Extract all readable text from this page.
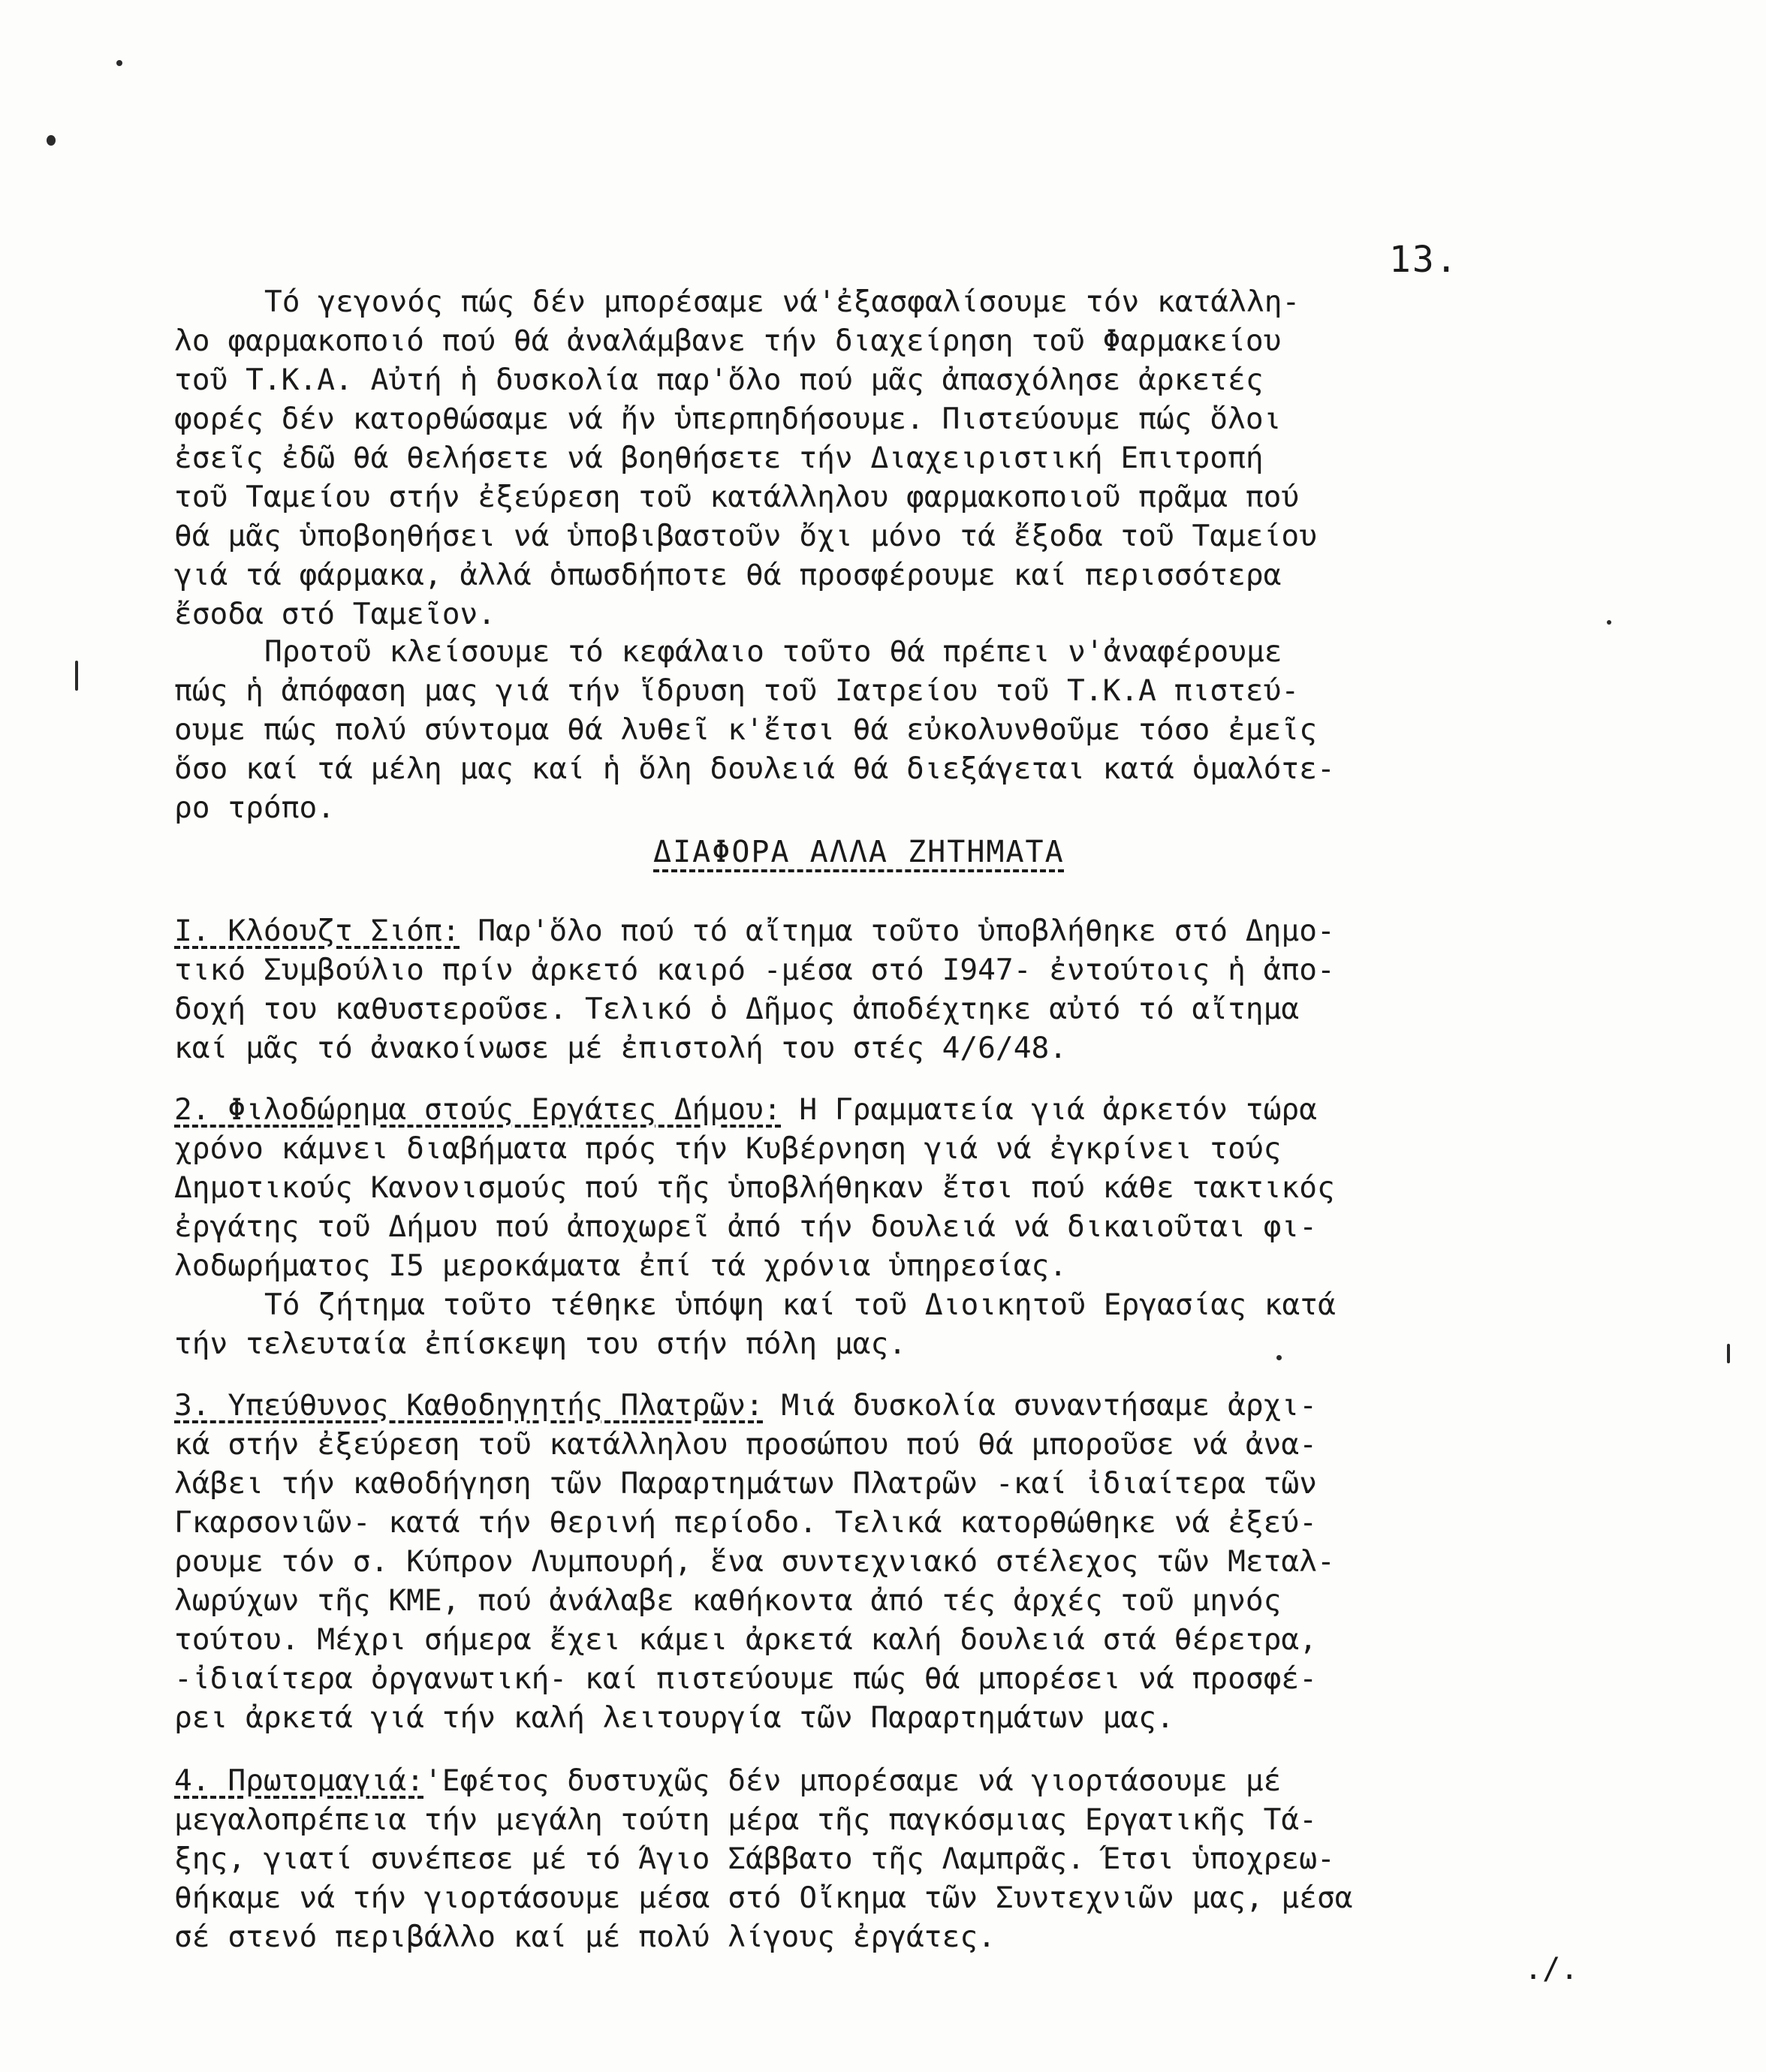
13.
Τό γεγονός πώς δέν μπορέσαμε νά'ἐξασφαλίσουμε τόν κατάλλη-
λο φαρμακοποιό πού θά ἀναλάμβανε τήν διαχείρηση τοῦ Φαρμακείου
τοῦ Τ.Κ.Α. Αὐτή ἡ δυσκολία παρ'ὅλο πού μᾶς ἀπασχόλησε ἀρκετές
φορές δέν κατορθώσαμε νά ἤν ὑπερπηδήσουμε. Πιστεύουμε πώς ὅλοι
ἐσεῖς ἐδῶ θά θελήσετε νά βοηθήσετε τήν Διαχειριστική Επιτροπή
τοῦ Ταμείου στήν ἐξεύρεση τοῦ κατάλληλου φαρμακοποιοῦ πρᾶμα πού
θά μᾶς ὑποβοηθήσει νά ὑποβιβαστοῦν ὄχι μόνο τά ἔξοδα τοῦ Ταμείου
γιά τά φάρμακα, ἀλλά ὁπωσδήποτε θά προσφέρουμε καί περισσότερα
ἔσοδα στό Ταμεῖον.
Προτοῦ κλείσουμε τό κεφάλαιο τοῦτο θά πρέπει ν'ἀναφέρουμε
πώς ἡ ἀπόφαση μας γιά τήν ἵδρυση τοῦ Ιατρείου τοῦ Τ.Κ.Α πιστεύ-
ουμε πώς πολύ σύντομα θά λυθεῖ κ'ἔτσι θά εὐκολυνθοῦμε τόσο ἐμεῖς
ὅσο καί τά μέλη μας καί ἡ ὅλη δουλειά θά διεξάγεται κατά ὁμαλότε-
ρο τρόπο.
ΔΙΑΦΟΡΑ ΑΛΛΑ ΖΗΤΗΜΑΤΑ
Ι. Κλόουζτ Σιόπ: Παρ'ὅλο πού τό αἴτημα τοῦτο ὑποβλήθηκε στό Δημο-
τικό Συμβούλιο πρίν ἀρκετό καιρό -μέσα στό Ι947- ἐντούτοις ἡ ἀπο-
δοχή του καθυστεροῦσε. Τελικό ὁ Δῆμος ἀποδέχτηκε αὐτό τό αἴτημα
καί μᾶς τό ἀνακοίνωσε μέ ἐπιστολή του στές 4/6/48.
2. Φιλοδώρημα στούς Εργάτες Δήμου: Η Γραμματεία γιά ἀρκετόν τώρα
χρόνο κάμνει διαβήματα πρός τήν Κυβέρνηση γιά νά ἐγκρίνει τούς
Δημοτικούς Κανονισμούς πού τῆς ὑποβλήθηκαν ἔτσι πού κάθε τακτικός
ἐργάτης τοῦ Δήμου πού ἀποχωρεῖ ἀπό τήν δουλειά νά δικαιοῦται φι-
λοδωρήματος Ι5 μεροκάματα ἐπί τά χρόνια ὑπηρεσίας.
Τό ζήτημα τοῦτο τέθηκε ὑπόψη καί τοῦ Διοικητοῦ Εργασίας κατά
τήν τελευταία ἐπίσκεψη του στήν πόλη μας.
3. Υπεύθυνος Καθοδηγητής Πλατρῶν: Μιά δυσκολία συναντήσαμε ἀρχι-
κά στήν ἐξεύρεση τοῦ κατάλληλου προσώπου πού θά μποροῦσε νά ἀνα-
λάβει τήν καθοδήγηση τῶν Παραρτημάτων Πλατρῶν -καί ἰδιαίτερα τῶν
Γκαρσονιῶν- κατά τήν θερινή περίοδο. Τελικά κατορθώθηκε νά ἐξεύ-
ρουμε τόν σ. Κύπρον Λυμπουρή, ἕνα συντεχνιακό στέλεχος τῶν Μεταλ-
λωρύχων τῆς ΚΜΕ, πού ἀνάλαβε καθήκοντα ἀπό τές ἀρχές τοῦ μηνός
τούτου. Μέχρι σήμερα ἔχει κάμει ἀρκετά καλή δουλειά στά θέρετρα,
-ἰδιαίτερα ὀργανωτική- καί πιστεύουμε πώς θά μπορέσει νά προσφέ-
ρει ἀρκετά γιά τήν καλή λειτουργία τῶν Παραρτημάτων μας.
4. Πρωτομαγιά:'Εφέτος δυστυχῶς δέν μπορέσαμε νά γιορτάσουμε μέ
μεγαλοπρέπεια τήν μεγάλη τούτη μέρα τῆς παγκόσμιας Εργατικῆς Τά-
ξης, γιατί συνέπεσε μέ τό Άγιο Σάββατο τῆς Λαμπρᾶς. Έτσι ὑποχρεω-
θήκαμε νά τήν γιορτάσουμε μέσα στό Οἴκημα τῶν Συντεχνιῶν μας, μέσα
σέ στενό περιβάλλο καί μέ πολύ λίγους ἐργάτες.
./.
